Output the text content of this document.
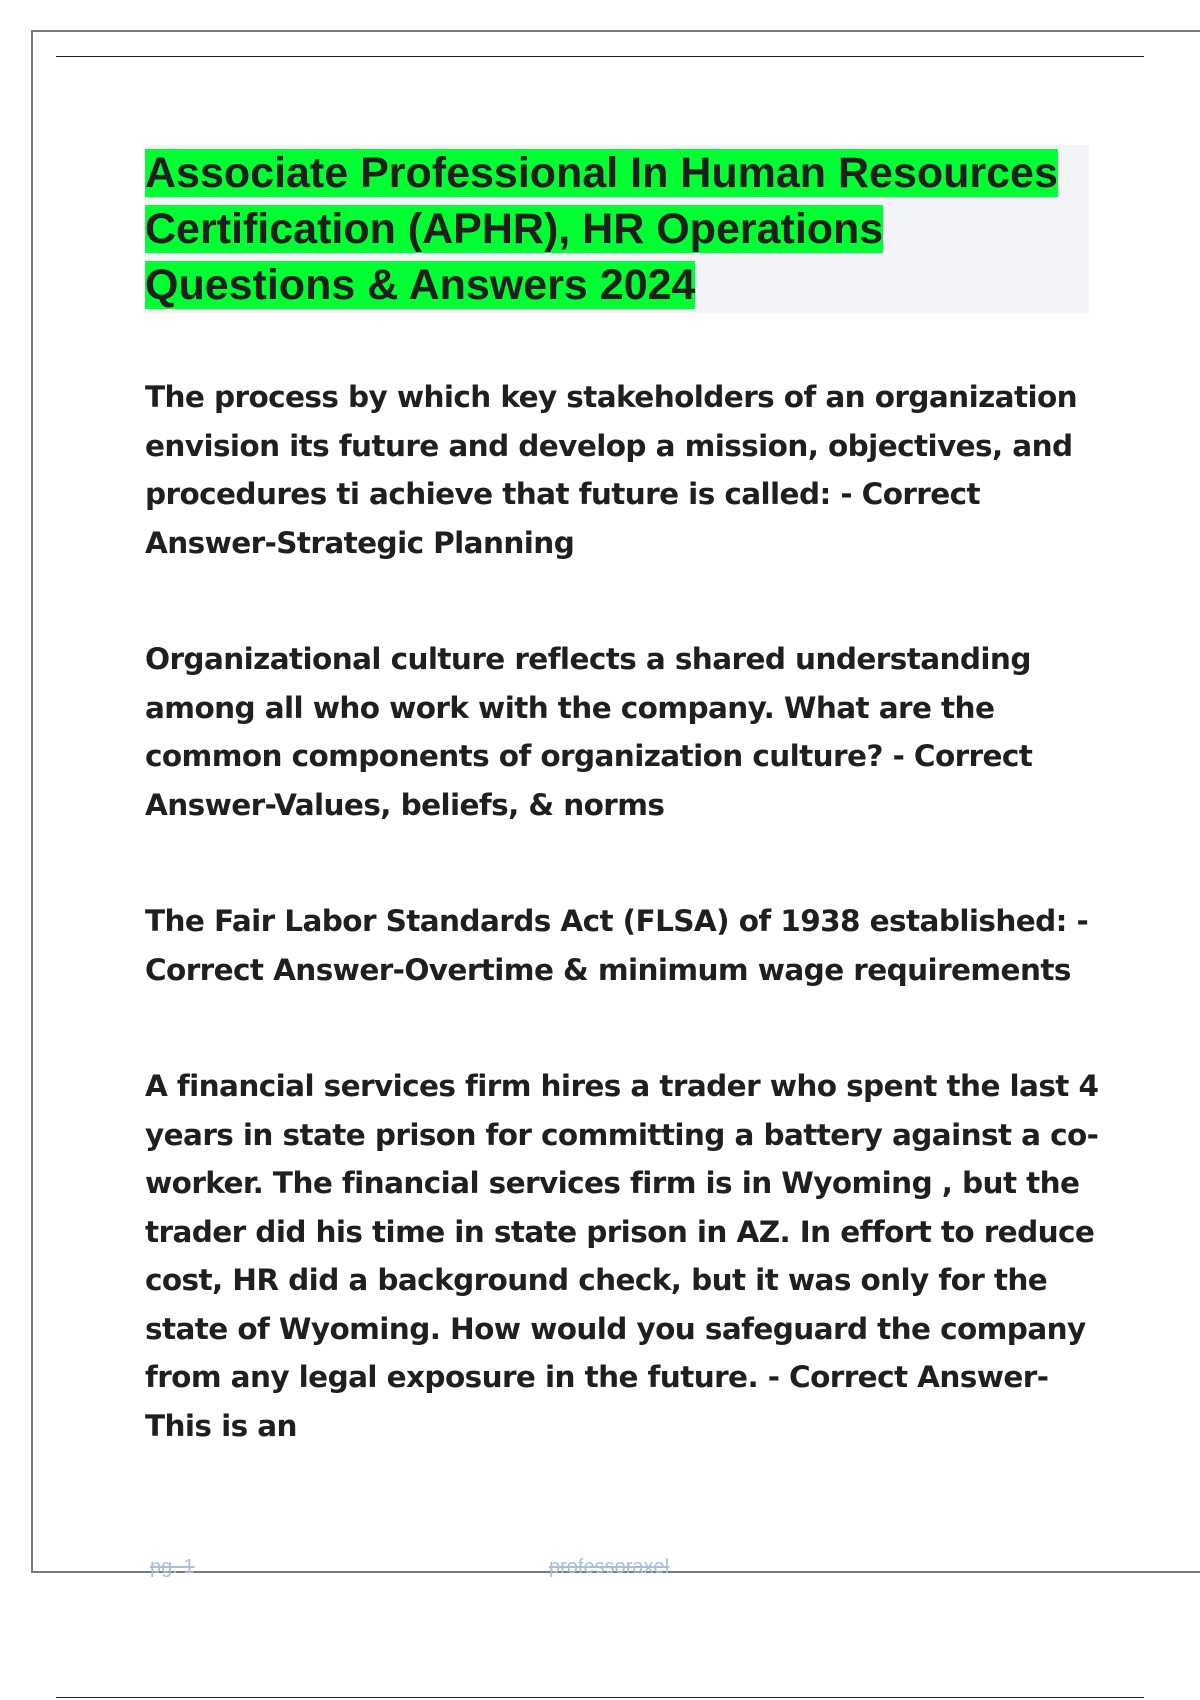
Associate Professional In Human Resources Certification (APHR), HR Operations Questions & Answers 2024

The process by which key stakeholders of an organization envision its future and develop a mission, objectives, and procedures ti achieve that future is called: - Correct Answer-Strategic Planning

Organizational culture reflects a shared understanding among all who work with the company. What are the common components of organization culture? - Correct Answer-Values, beliefs, & norms

The Fair Labor Standards Act (FLSA) of 1938 established: - Correct Answer-Overtime & minimum wage requirements

A financial services firm hires a trader who spent the last 4 years in state prison for committing a battery against a co-worker. The financial services firm is in Wyoming , but the trader did his time in state prison in AZ. In effort to reduce cost, HR did a background check, but it was only for the state of Wyoming. How would you safeguard the company from any legal exposure in the future. - Correct Answer-This is an

pg. 1	professoraxel
